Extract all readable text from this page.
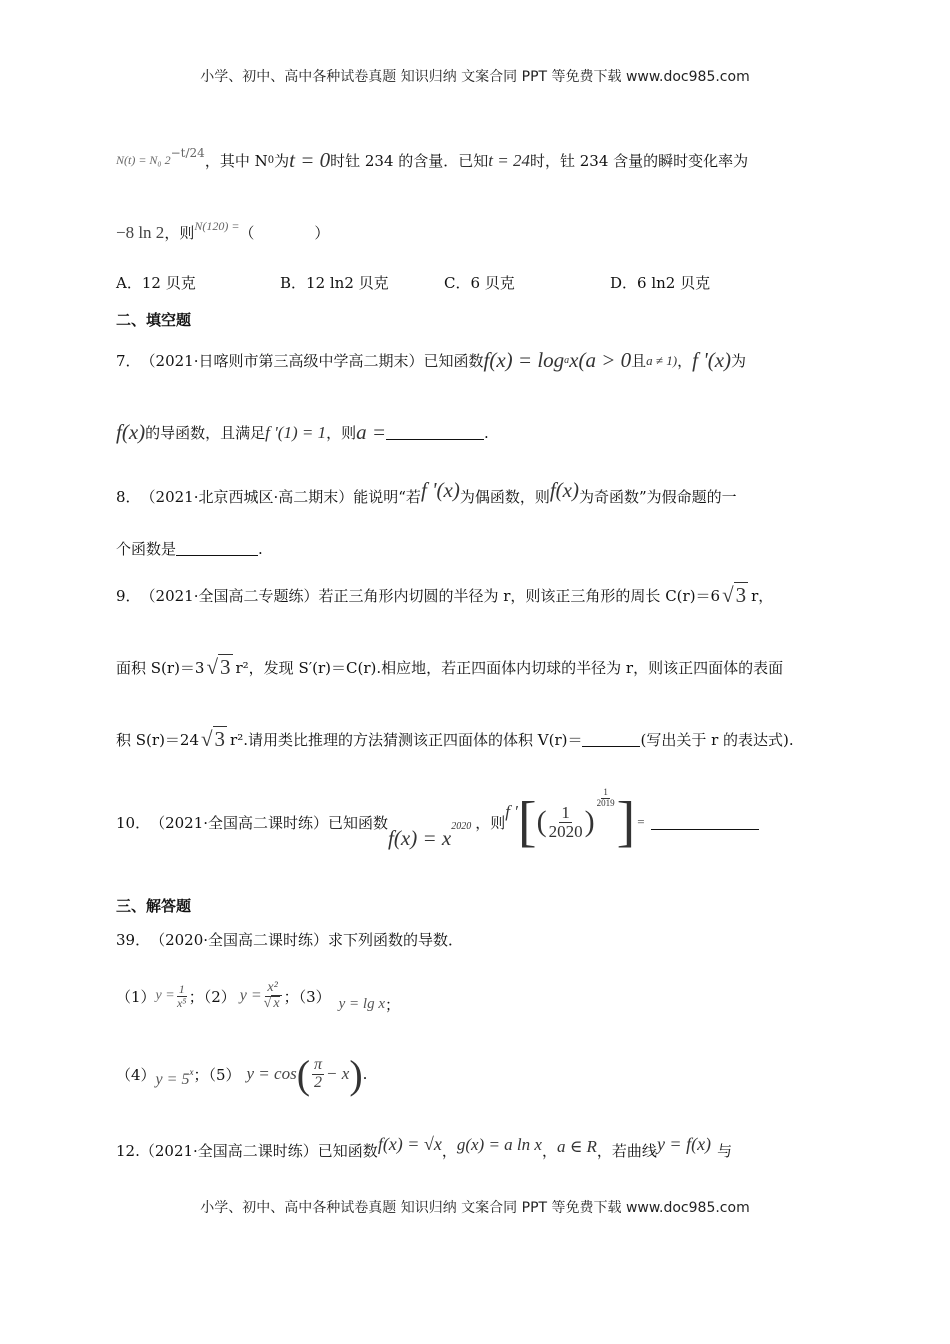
小学、初中、高中各种试卷真题 知识归纳 文案合同 PPT 等免费下载 www.doc985.com
N(t) = N₀ 2
$^{-t/24}$ ，其中 N 0 为 t = 0 时钍 234 的含量．已知 t = 24 时，钍 234 含量的瞬时变化率为
−8 ln 2 ，则 N(120) = （　　　　）
A．12 贝克	B．12 ln2 贝克	C．6 贝克	D．6 ln2 贝克
二、填空题
7． （2021·日喀则市第三高级中学高二期末）已知函数 f(x) = log a x(a > 0 且 a ≠ 1) ， f '(x) 为
f(x) 的导函数，且满足 f '(1) = 1 ，则 a =	.
8． （2021·北京西城区·高二期末）能说明“若 f '(x) 为偶函数，则 f(x) 为奇函数”为假命题的一
个函数是	.
9． （2021·全国高二专题练）若正三角形内切圆的半径为 r，则该正三角形的周长 C(r)＝6 √ 3 r，
面积 S(r)＝3 √ 3 r²，发现 S′(r)＝C(r).相应地，若正四面体内切球的半径为 r，则该正四面体的表面
积 S(r)＝24 √ 3 r².请用类比推理的方法猜测该正四面体的体积 V(r)＝	(写出关于 r 的表达式).
10． （2021·全国高二课时练）已知函数
$f(x) = x^{2020}$ ，则
f ′ [ ( $\frac{1}{2020}$ )
$\frac{1}{2019}$ ] =
三、解答题
39． （2020·全国高二课时练）求下列函数的导数．
（1） $y = \frac{1}{\text{x⁵}}$ ；（2） $y = \frac{\text{x²}}{√ x}$ ；（3） y = lg x ；
（4） $y = 5^x$ ；（5） y = cos ( $\frac{\pi}{2} - x$ ) .
12. （2021·全国高二课时练）已知函数 f(x) = √x ， g(x) = a ln x ， a ∈ R ，若曲线 y = f(x) 与
小学、初中、高中各种试卷真题 知识归纳 文案合同 PPT 等免费下载 www.doc985.com
